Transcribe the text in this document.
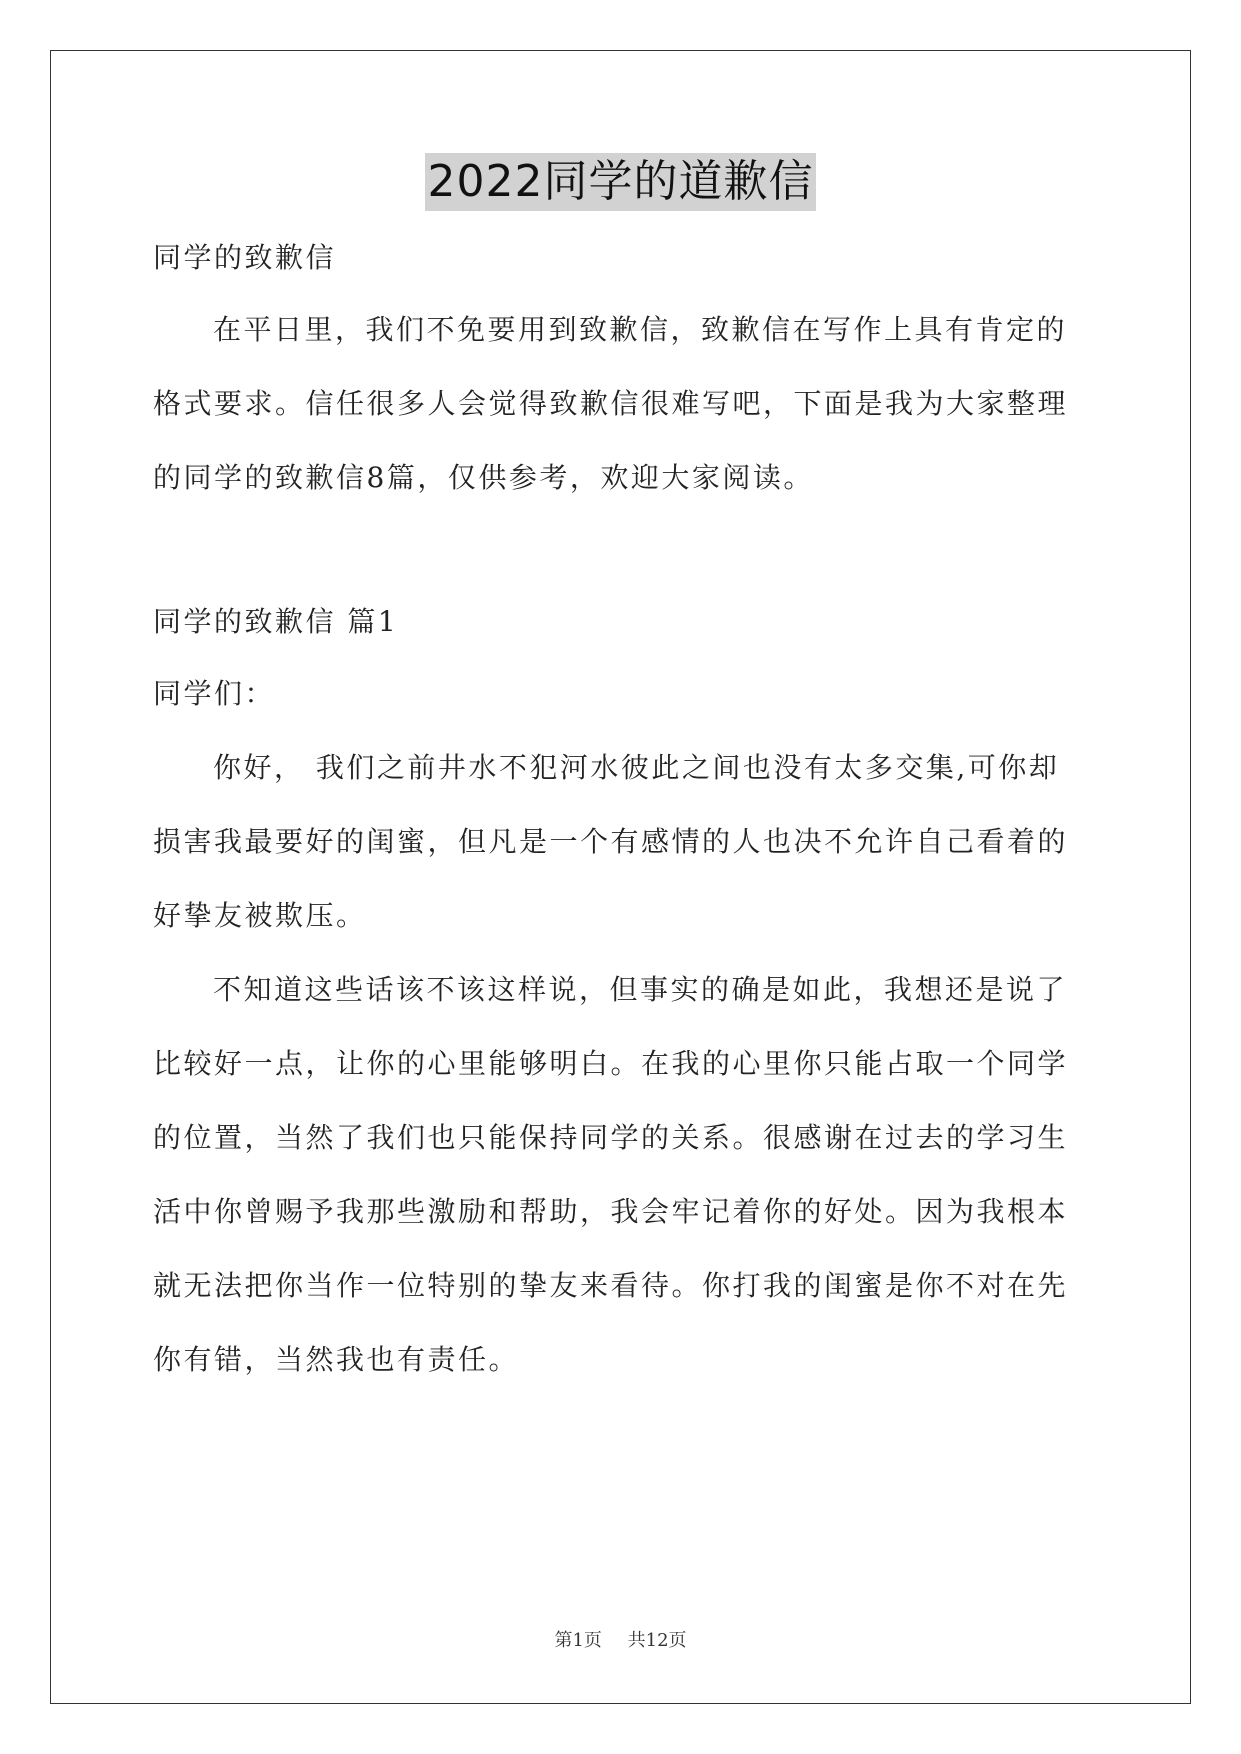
2022同学的道歉信
同学的致歉信
在平日里，我们不免要用到致歉信，致歉信在写作上具有肯定的
格式要求。信任很多人会觉得致歉信很难写吧，下面是我为大家整理
的同学的致歉信8篇，仅供参考，欢迎大家阅读。
同学的致歉信 篇1
同学们：
你好， 我们之前井水不犯河水彼此之间也没有太多交集,可你却
损害我最要好的闺蜜，但凡是一个有感情的人也决不允许自己看着的
好挚友被欺压。
不知道这些话该不该这样说，但事实的确是如此，我想还是说了
比较好一点，让你的心里能够明白。在我的心里你只能占取一个同学
的位置，当然了我们也只能保持同学的关系。很感谢在过去的学习生
活中你曾赐予我那些激励和帮助，我会牢记着你的好处。因为我根本
就无法把你当作一位特别的挚友来看待。你打我的闺蜜是你不对在先
你有错，当然我也有责任。
第1页 共12页
